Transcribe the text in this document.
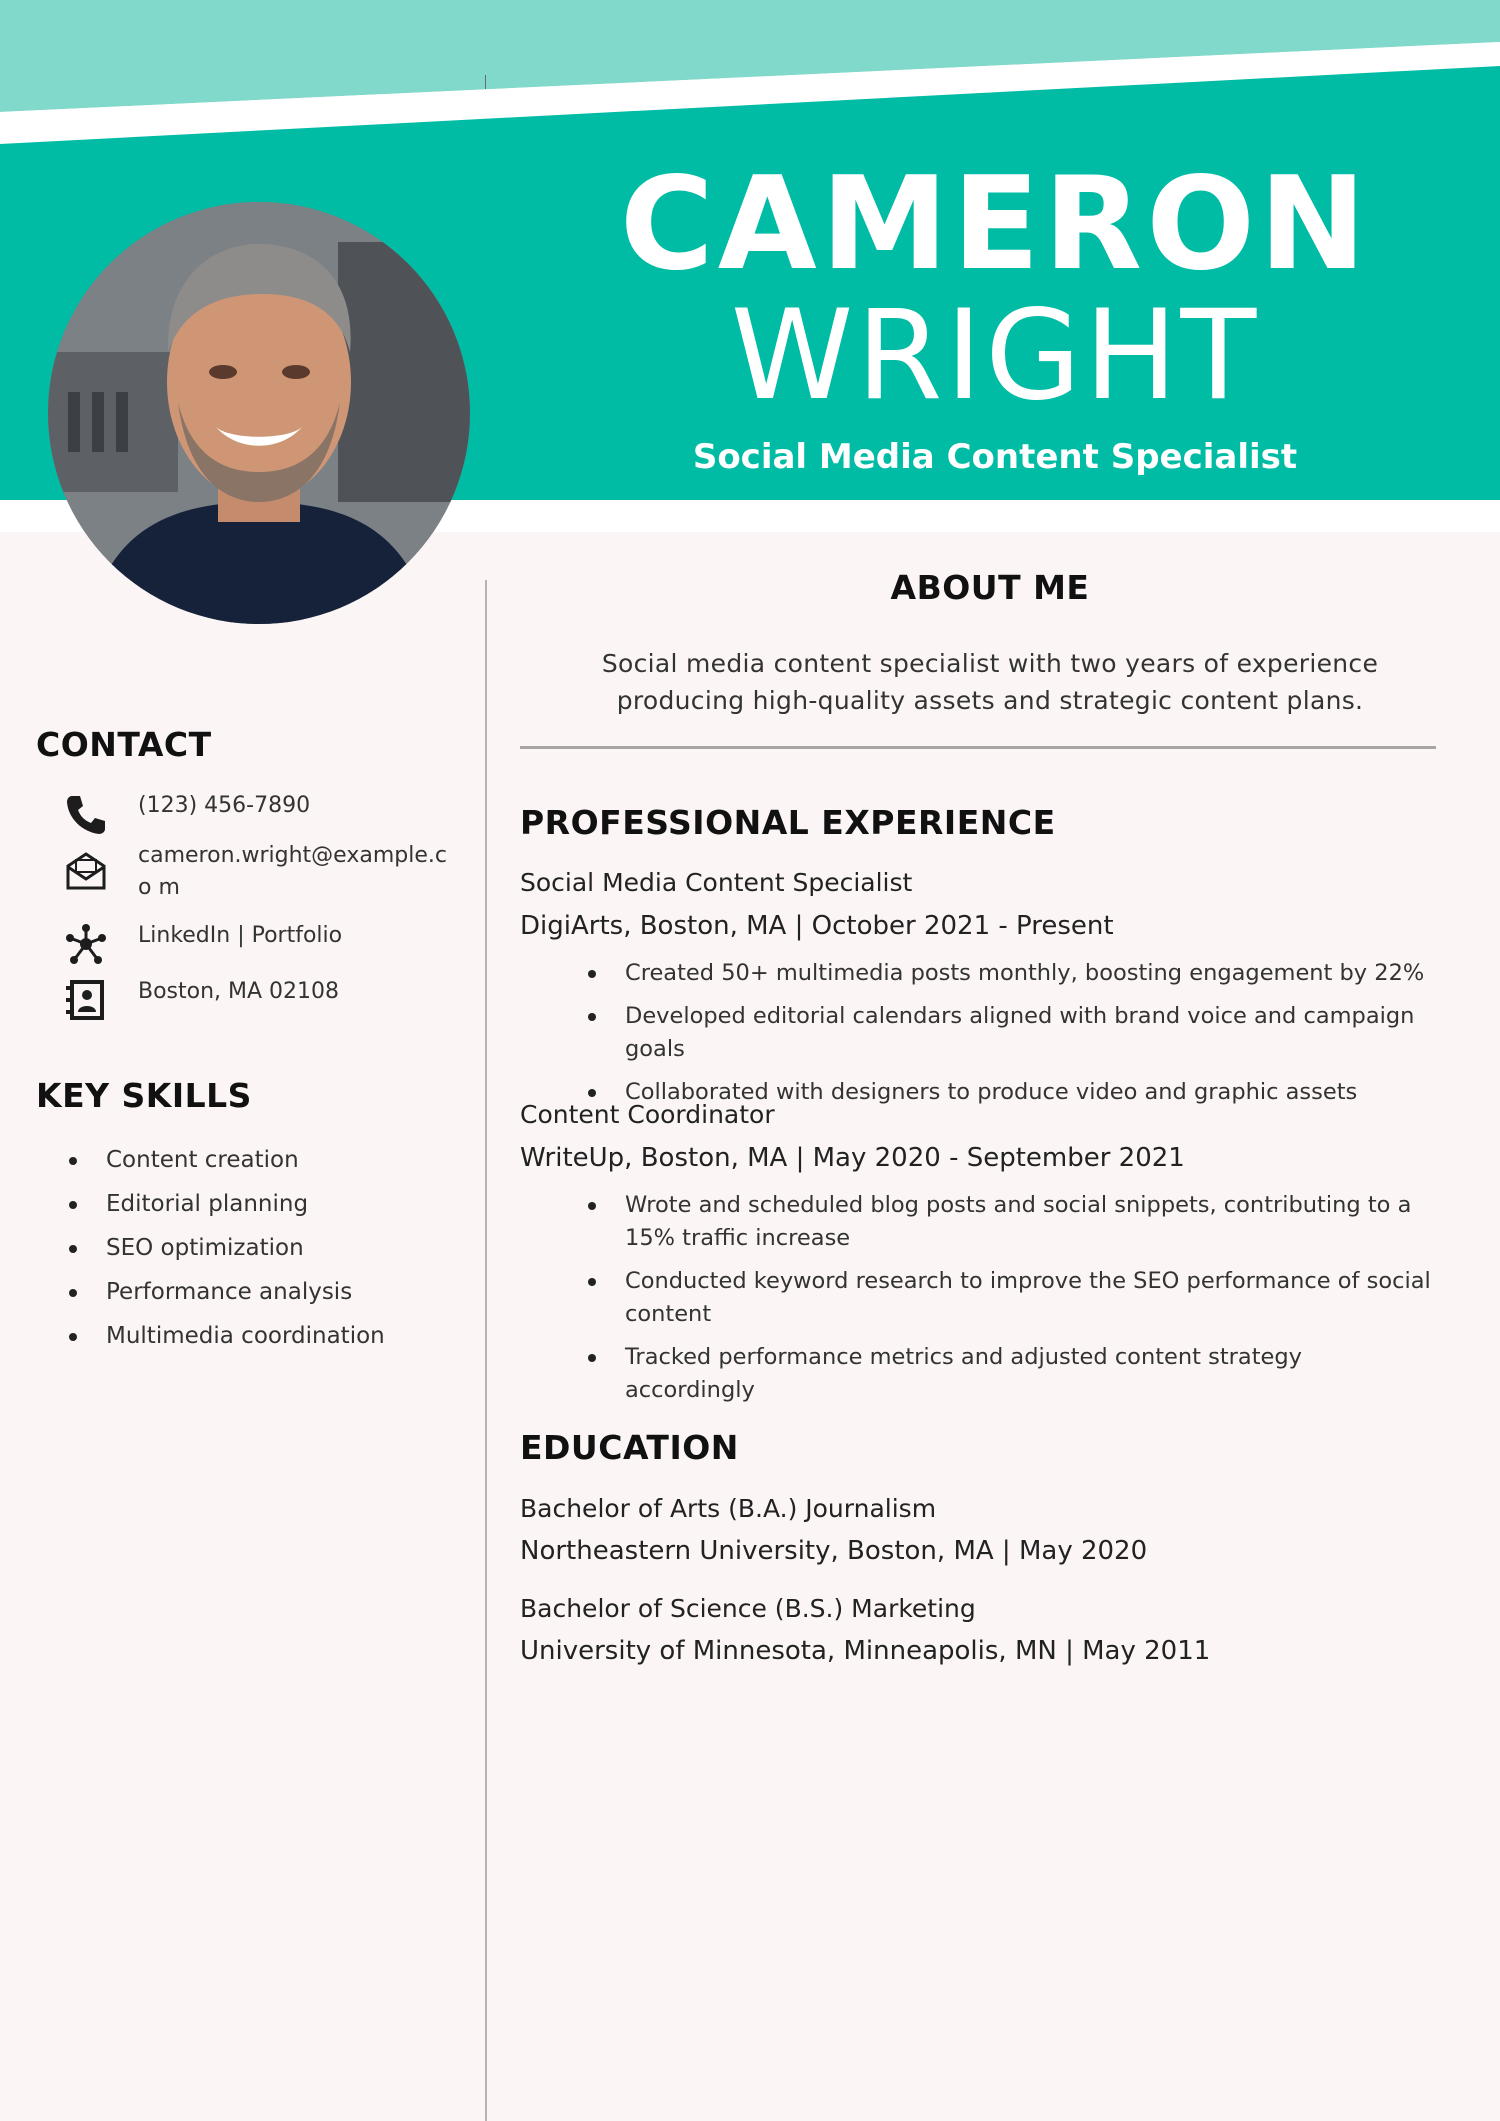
CAMERON
WRIGHT
Social Media Content Specialist
CONTACT
(123) 456-7890
cameron.wright@example.co m
LinkedIn | Portfolio
Boston, MA 02108
KEY SKILLS
Content creation
Editorial planning
SEO optimization
Performance analysis
Multimedia coordination
ABOUT ME

Social media content specialist with two years of experience producing high-quality assets and strategic content plans.

PROFESSIONAL EXPERIENCE
Social Media Content Specialist
DigiArts, Boston, MA | October 2021 - Present
Created 50+ multimedia posts monthly, boosting engagement by 22%
Developed editorial calendars aligned with brand voice and campaign goals
Collaborated with designers to produce video and graphic assets
Content Coordinator
WriteUp, Boston, MA | May 2020 - September 2021
Wrote and scheduled blog posts and social snippets, contributing to a 15% traffic increase
Conducted keyword research to improve the SEO performance of social content
Tracked performance metrics and adjusted content strategy accordingly
EDUCATION
Bachelor of Arts (B.A.) Journalism
Northeastern University, Boston, MA | May 2020
Bachelor of Science (B.S.) Marketing
University of Minnesota, Minneapolis, MN | May 2011
